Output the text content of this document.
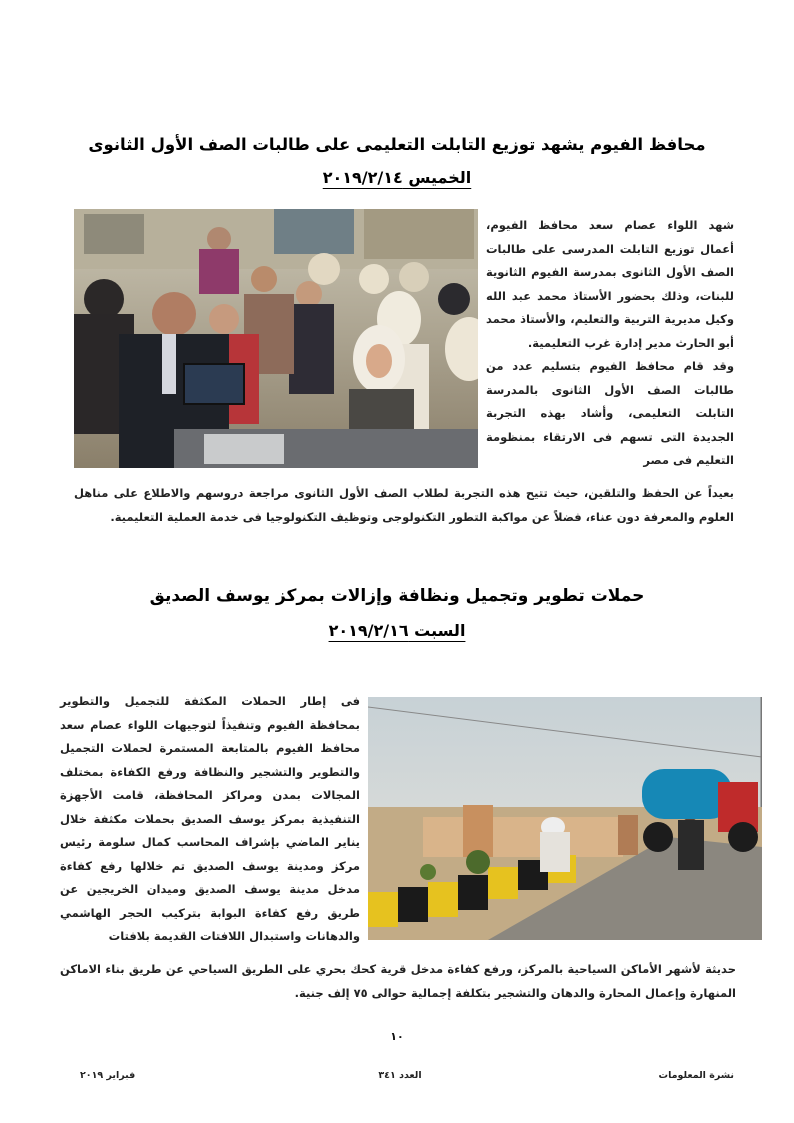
محافظ الفيوم يشهد توزيع التابلت التعليمى على طالبات الصف الأول الثانوى
الخميس ٢٠١٩/٢/١٤

شهد اللواء عصام سعد محافظ الفيوم، أعمال توزيع التابلت المدرسى على طالبات الصف الأول الثانوى بمدرسة الفيوم الثانوية للبنات، وذلك بحضور الأستاذ محمد عبد الله وكيل مديرية التربية والتعليم، والأستاذ محمد أبو الحارث مدير إدارة غرب التعليمية.

وقد قام محافظ الفيوم بتسليم عدد من طالبات الصف الأول الثانوى بالمدرسة التابلت التعليمى، وأشاد بهذه التجربة الجديدة التى تسهم فى الارتقاء بمنظومة التعليم فى مصر

بعيداً عن الحفظ والتلقين، حيث تتيح هذه التجربة لطلاب الصف الأول الثانوى مراجعة دروسهم والاطلاع على مناهل العلوم والمعرفة دون عناء، فضلاً عن مواكبة التطور التكنولوجى وتوظيف التكنولوجيا فى خدمة العملية التعليمية.
حملات تطوير وتجميل ونظافة وإزالات بمركز يوسف الصديق
السبت ٢٠١٩/٢/١٦
فى إطار الحملات المكثفة للتجميل والتطوير بمحافظة الفيوم وتنفيذاً لتوجيهات اللواء عصام سعد محافظ الفيوم بالمتابعة المستمرة لحملات التجميل والتطوير والتشجير والنظافة ورفع الكفاءة بمختلف المجالات بمدن ومراكز المحافظة، قامت الأجهزة التنفيذية بمركز يوسف الصديق بحملات مكثفة خلال يناير الماضي بإشراف المحاسب كمال سلومة رئيس مركز ومدينة يوسف الصديق تم خلالها رفع كفاءة مدخل مدينة يوسف الصديق وميدان الخريجين عن طريق رفع كفاءة البوابة بتركيب الحجر الهاشمي والدهانات واستبدال اللافتات القديمة بلافتات
حديثة لأشهر الأماكن السياحية بالمركز، ورفع كفاءة مدخل قرية كحك بحري على الطريق السياحي عن طريق بناء الاماكن المنهارة وإعمال المحارة والدهان والتشجير بتكلفة إجمالية حوالى ٧٥ إلف جنية.
١٠
نشرة المعلومات
العدد ٣٤١
فبراير ٢٠١٩
